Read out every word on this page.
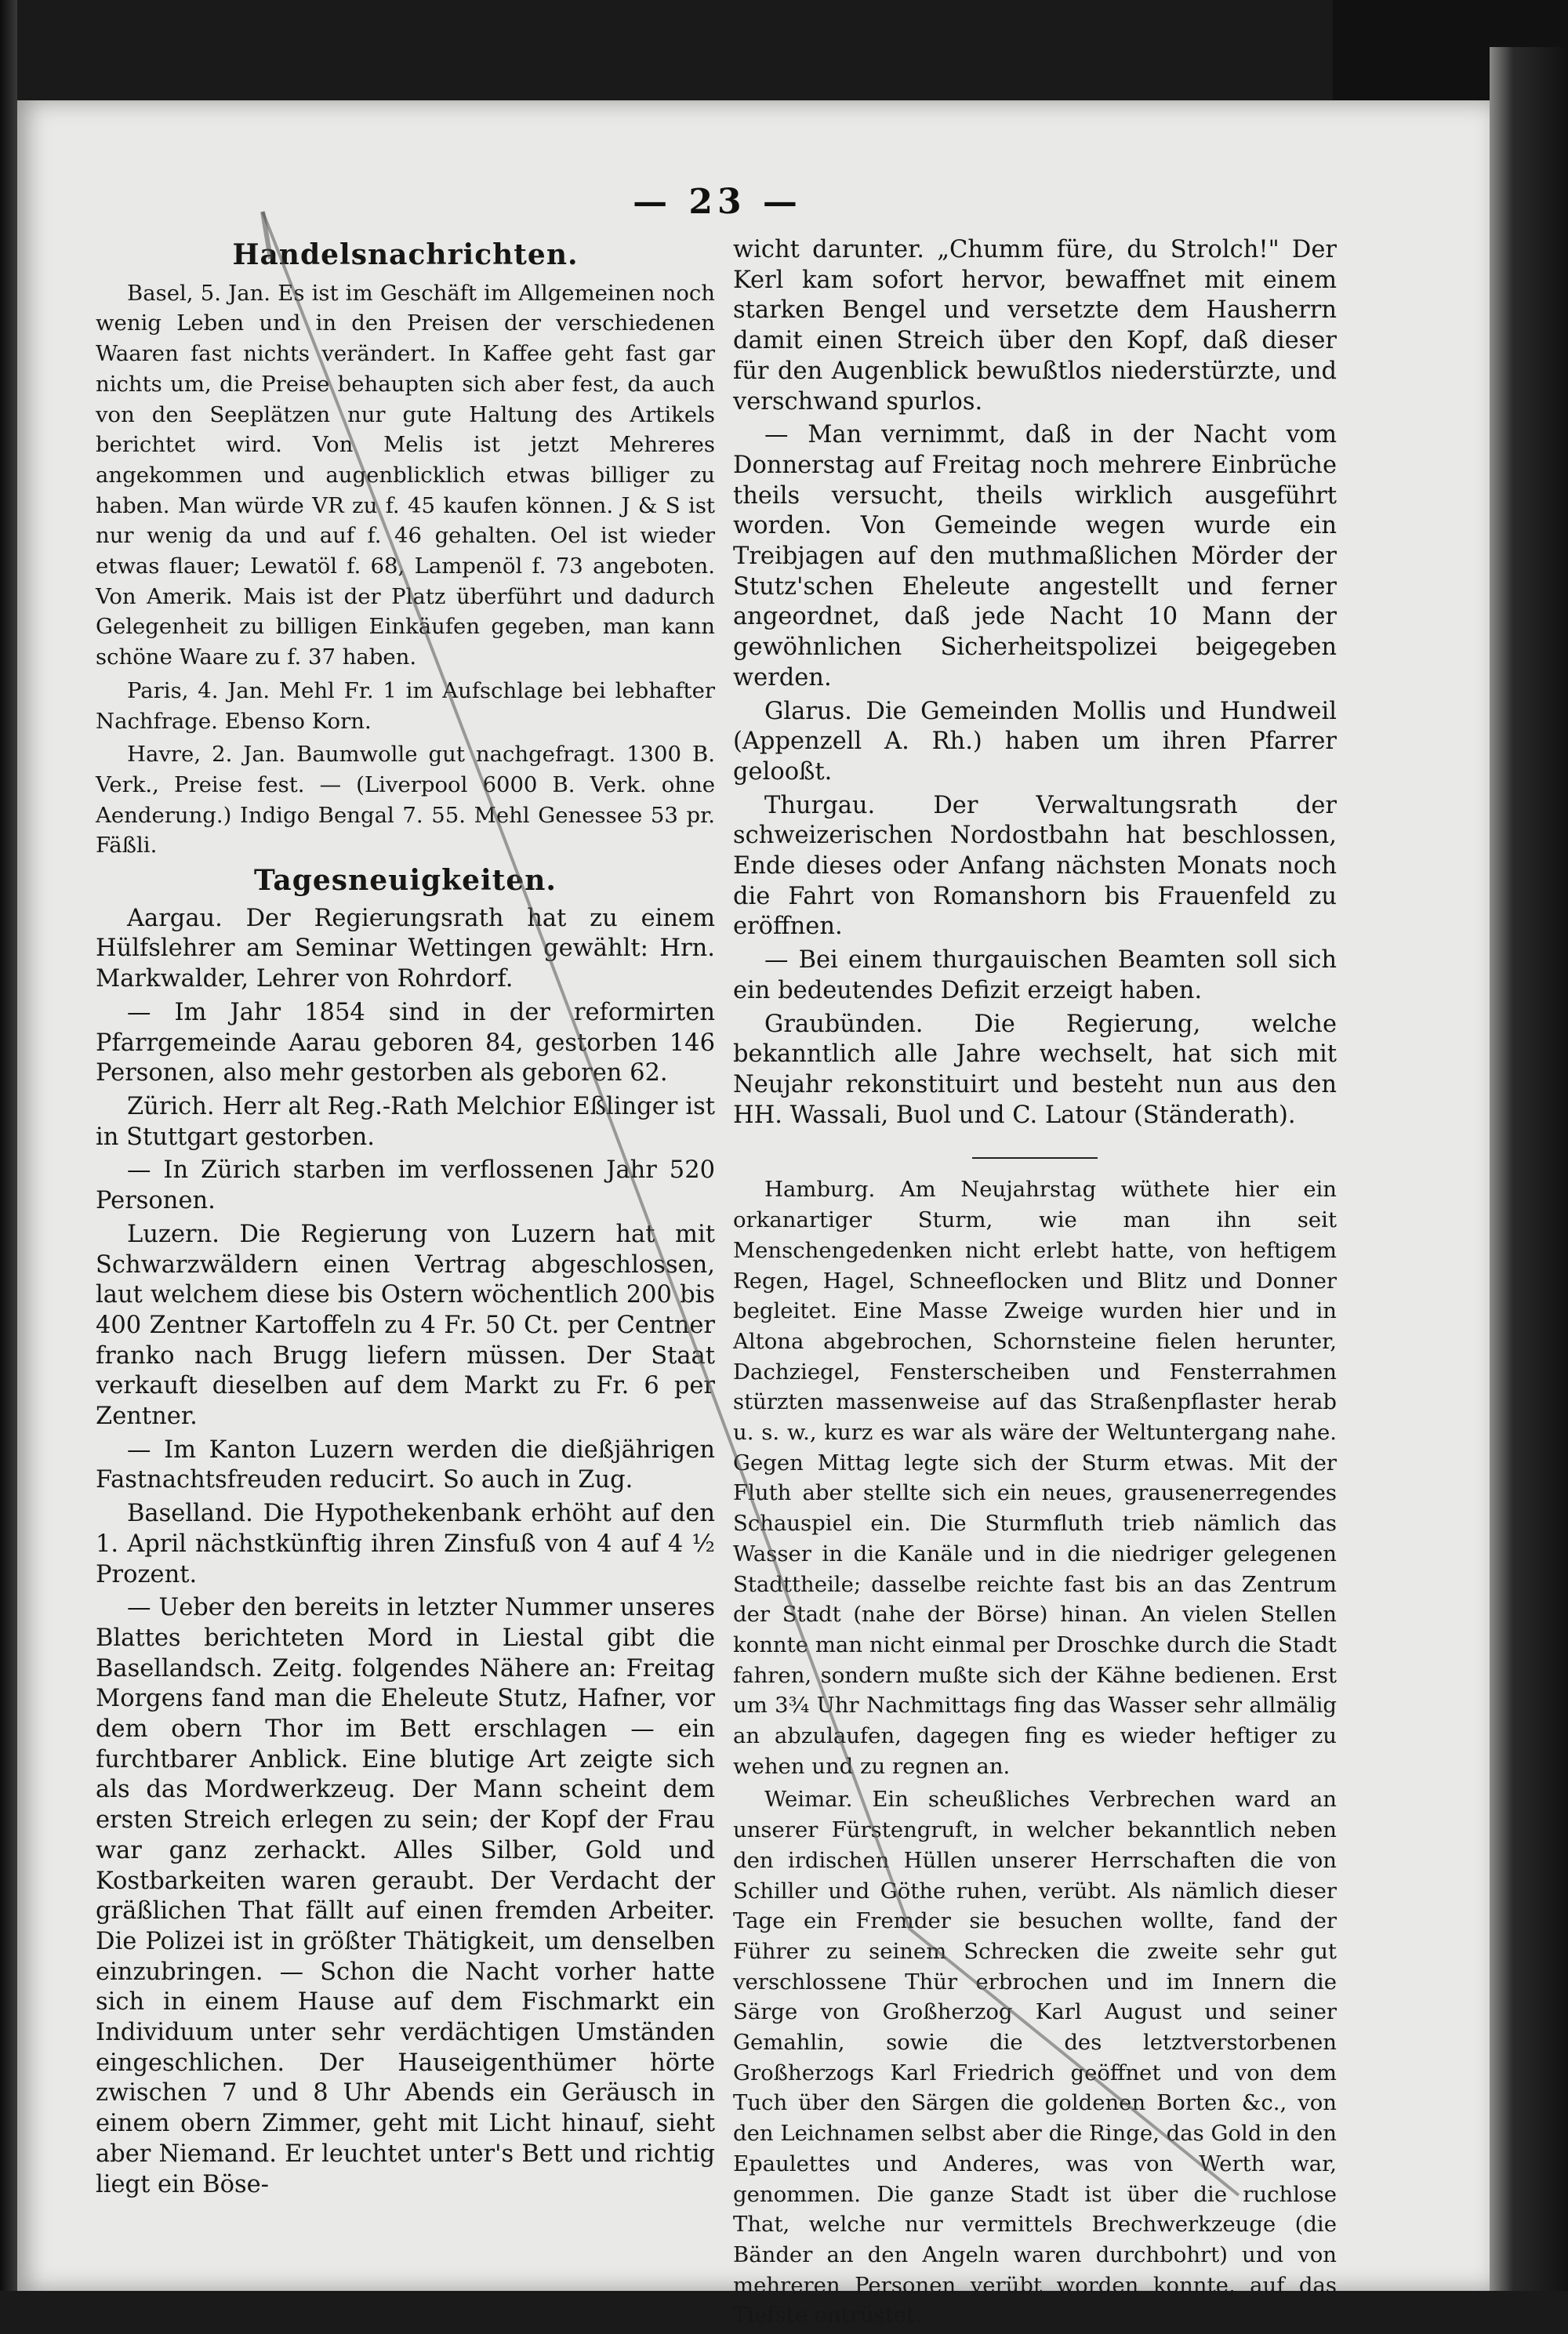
— 23 —
Handelsnachrichten.

Basel, 5. Jan. Es ist im Geschäft im Allgemeinen noch wenig Leben und in den Preisen der verschiedenen Waaren fast nichts verändert. In Kaffee geht fast gar nichts um, die Preise behaupten sich aber fest, da auch von den Seeplätzen nur gute Haltung des Artikels berichtet wird. Von Melis ist jetzt Mehreres angekommen und augenblicklich etwas billiger zu haben. Man würde VR zu f. 45 kaufen können. J & S ist nur wenig da und auf f. 46 gehalten. Oel ist wieder etwas flauer; Lewatöl f. 68, Lampenöl f. 73 angeboten. Von Amerik. Mais ist der Platz überführt und dadurch Gelegenheit zu billigen Einkäufen gegeben, man kann schöne Waare zu f. 37 haben.

Paris, 4. Jan. Mehl Fr. 1 im Aufschlage bei lebhafter Nachfrage. Ebenso Korn.

Havre, 2. Jan. Baumwolle gut nachgefragt. 1300 B. Verk., Preise fest. — (Liverpool 6000 B. Verk. ohne Aenderung.) Indigo Bengal 7. 55. Mehl Genessee 53 pr. Fäßli.

Tagesneuigkeiten.

Aargau. Der Regierungsrath hat zu einem Hülfslehrer am Seminar Wettingen gewählt: Hrn. Markwalder, Lehrer von Rohrdorf.

— Im Jahr 1854 sind in der reformirten Pfarrgemeinde Aarau geboren 84, gestorben 146 Personen, also mehr gestorben als geboren 62.

Zürich. Herr alt Reg.-Rath Melchior Eßlinger ist in Stuttgart gestorben.

— In Zürich starben im verflossenen Jahr 520 Personen.

Luzern. Die Regierung von Luzern hat mit Schwarzwäldern einen Vertrag abgeschlossen, laut welchem diese bis Ostern wöchentlich 200 bis 400 Zentner Kartoffeln zu 4 Fr. 50 Ct. per Centner franko nach Brugg liefern müssen. Der Staat verkauft dieselben auf dem Markt zu Fr. 6 per Zentner.

— Im Kanton Luzern werden die dießjährigen Fastnachtsfreuden reducirt. So auch in Zug.

Baselland. Die Hypothekenbank erhöht auf den 1. April nächstkünftig ihren Zinsfuß von 4 auf 4 ½ Prozent.

— Ueber den bereits in letzter Nummer unseres Blattes berichteten Mord in Liestal gibt die Basellandsch. Zeitg. folgendes Nähere an: Freitag Morgens fand man die Eheleute Stutz, Hafner, vor dem obern Thor im Bett erschlagen — ein furchtbarer Anblick. Eine blutige Art zeigte sich als das Mordwerkzeug. Der Mann scheint dem ersten Streich erlegen zu sein; der Kopf der Frau war ganz zerhackt. Alles Silber, Gold und Kostbarkeiten waren geraubt. Der Verdacht der gräßlichen That fällt auf einen fremden Arbeiter. Die Polizei ist in größter Thätigkeit, um denselben einzubringen. — Schon die Nacht vorher hatte sich in einem Hause auf dem Fischmarkt ein Individuum unter sehr verdächtigen Umständen eingeschlichen. Der Hauseigenthümer hörte zwischen 7 und 8 Uhr Abends ein Geräusch in einem obern Zimmer, geht mit Licht hinauf, sieht aber Niemand. Er leuchtet unter's Bett und richtig liegt ein Böse-

wicht darunter. „Chumm füre, du Strolch!" Der Kerl kam sofort hervor, bewaffnet mit einem starken Bengel und versetzte dem Hausherrn damit einen Streich über den Kopf, daß dieser für den Augenblick bewußtlos niederstürzte, und verschwand spurlos.

— Man vernimmt, daß in der Nacht vom Donnerstag auf Freitag noch mehrere Einbrüche theils versucht, theils wirklich ausgeführt worden. Von Gemeinde wegen wurde ein Treibjagen auf den muthmaßlichen Mörder der Stutz'schen Eheleute angestellt und ferner angeordnet, daß jede Nacht 10 Mann der gewöhnlichen Sicherheitspolizei beigegeben werden.

Glarus. Die Gemeinden Mollis und Hundweil (Appenzell A. Rh.) haben um ihren Pfarrer gelooßt.

Thurgau. Der Verwaltungsrath der schweizerischen Nordostbahn hat beschlossen, Ende dieses oder Anfang nächsten Monats noch die Fahrt von Romanshorn bis Frauenfeld zu eröffnen.

— Bei einem thurgauischen Beamten soll sich ein bedeutendes Defizit erzeigt haben.

Graubünden. Die Regierung, welche bekanntlich alle Jahre wechselt, hat sich mit Neujahr rekonstituirt und besteht nun aus den HH. Wassali, Buol und C. Latour (Ständerath).

Hamburg. Am Neujahrstag wüthete hier ein orkanartiger Sturm, wie man ihn seit Menschengedenken nicht erlebt hatte, von heftigem Regen, Hagel, Schneeflocken und Blitz und Donner begleitet. Eine Masse Zweige wurden hier und in Altona abgebrochen, Schornsteine fielen herunter, Dachziegel, Fensterscheiben und Fensterrahmen stürzten massenweise auf das Straßenpflaster herab u. s. w., kurz es war als wäre der Weltuntergang nahe. Gegen Mittag legte sich der Sturm etwas. Mit der Fluth aber stellte sich ein neues, grausenerregendes Schauspiel ein. Die Sturmfluth trieb nämlich das Wasser in die Kanäle und in die niedriger gelegenen Stadttheile; dasselbe reichte fast bis an das Zentrum der Stadt (nahe der Börse) hinan. An vielen Stellen konnte man nicht einmal per Droschke durch die Stadt fahren, sondern mußte sich der Kähne bedienen. Erst um 3¾ Uhr Nachmittags fing das Wasser sehr allmälig an abzulaufen, dagegen fing es wieder heftiger zu wehen und zu regnen an.

Weimar. Ein scheußliches Verbrechen ward an unserer Fürstengruft, in welcher bekanntlich neben den irdischen Hüllen unserer Herrschaften die von Schiller und Göthe ruhen, verübt. Als nämlich dieser Tage ein Fremder sie besuchen wollte, fand der Führer zu seinem Schrecken die zweite sehr gut verschlossene Thür erbrochen und im Innern die Särge von Großherzog Karl August und seiner Gemahlin, sowie die des letztverstorbenen Großherzogs Karl Friedrich geöffnet und von dem Tuch über den Särgen die goldenen Borten &c., von den Leichnamen selbst aber die Ringe, das Gold in den Epaulettes und Anderes, was von Werth war, genommen. Die ganze Stadt ist über die ruchlose That, welche nur vermittels Brechwerkzeuge (die Bänder an den Angeln waren durchbohrt) und von mehreren Personen verübt worden konnte, auf das Tiefste entrüstet.
